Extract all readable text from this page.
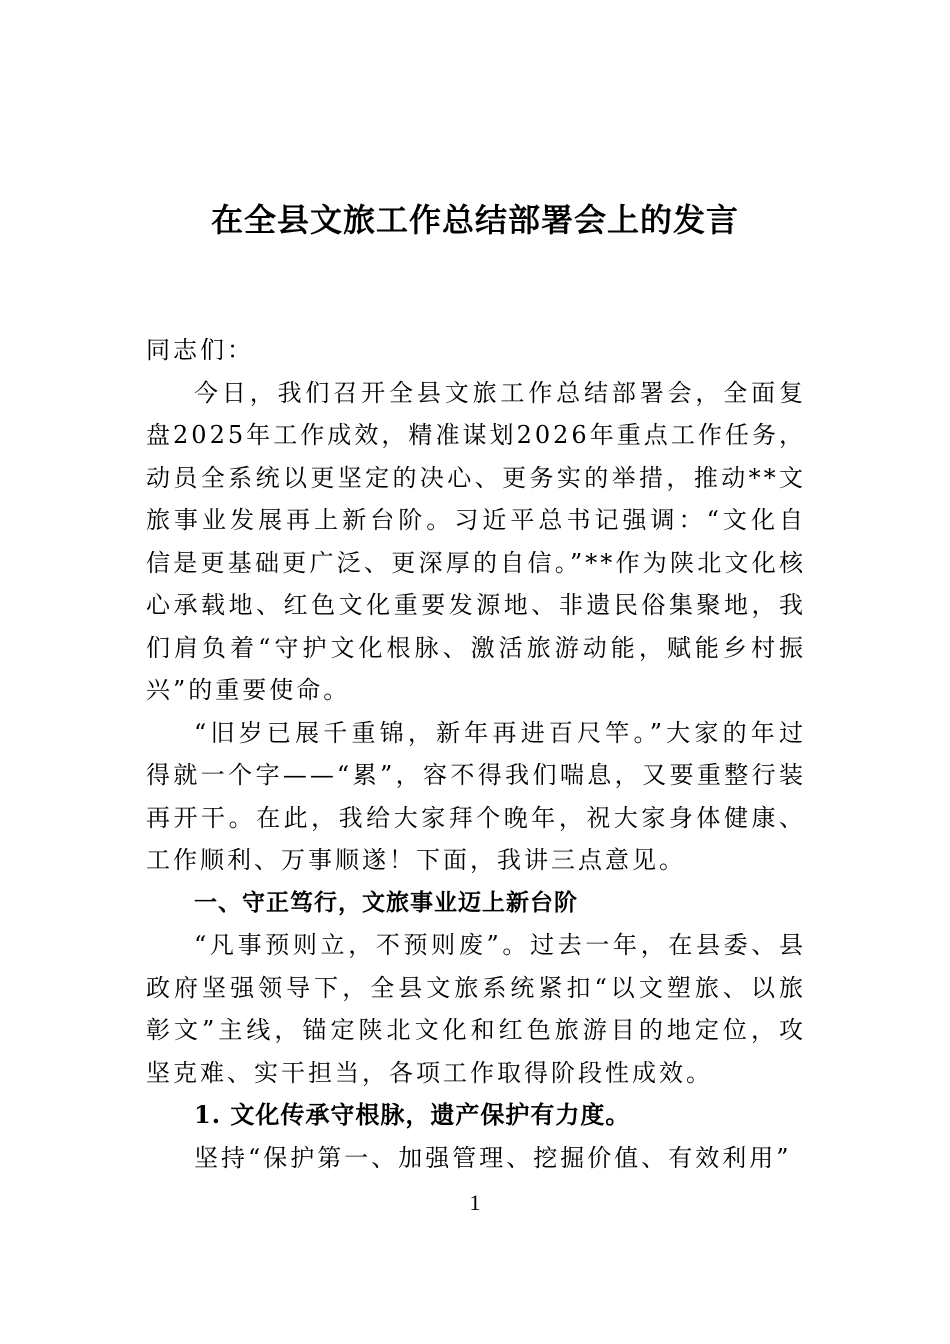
在全县文旅工作总结部署会上的发言

同志们：

今日，我们召开全县文旅工作总结部署会，全面复盘2025年工作成效，精准谋划2026年重点工作任务，动员全系统以更坚定的决心、更务实的举措，推动**文旅事业发展再上新台阶。习近平总书记强调：“文化自信是更基础更广泛、更深厚的自信。”**作为陕北文化核心承载地、红色文化重要发源地、非遗民俗集聚地，我们肩负着“守护文化根脉、激活旅游动能，赋能乡村振兴”的重要使命。

“旧岁已展千重锦，新年再进百尺竿。”大家的年过得就一个字——“累”，容不得我们喘息，又要重整行装再开干。在此，我给大家拜个晚年，祝大家身体健康、工作顺利、万事顺遂！下面，我讲三点意见。

一、守正笃行，文旅事业迈上新台阶

“凡事预则立，不预则废”。过去一年，在县委、县政府坚强领导下，全县文旅系统紧扣“以文塑旅、以旅彰文”主线，锚定陕北文化和红色旅游目的地定位，攻坚克难、实干担当，各项工作取得阶段性成效。

1. 文化传承守根脉，遗产保护有力度。

坚持“保护第一、加强管理、挖掘价值、有效利用”

1
